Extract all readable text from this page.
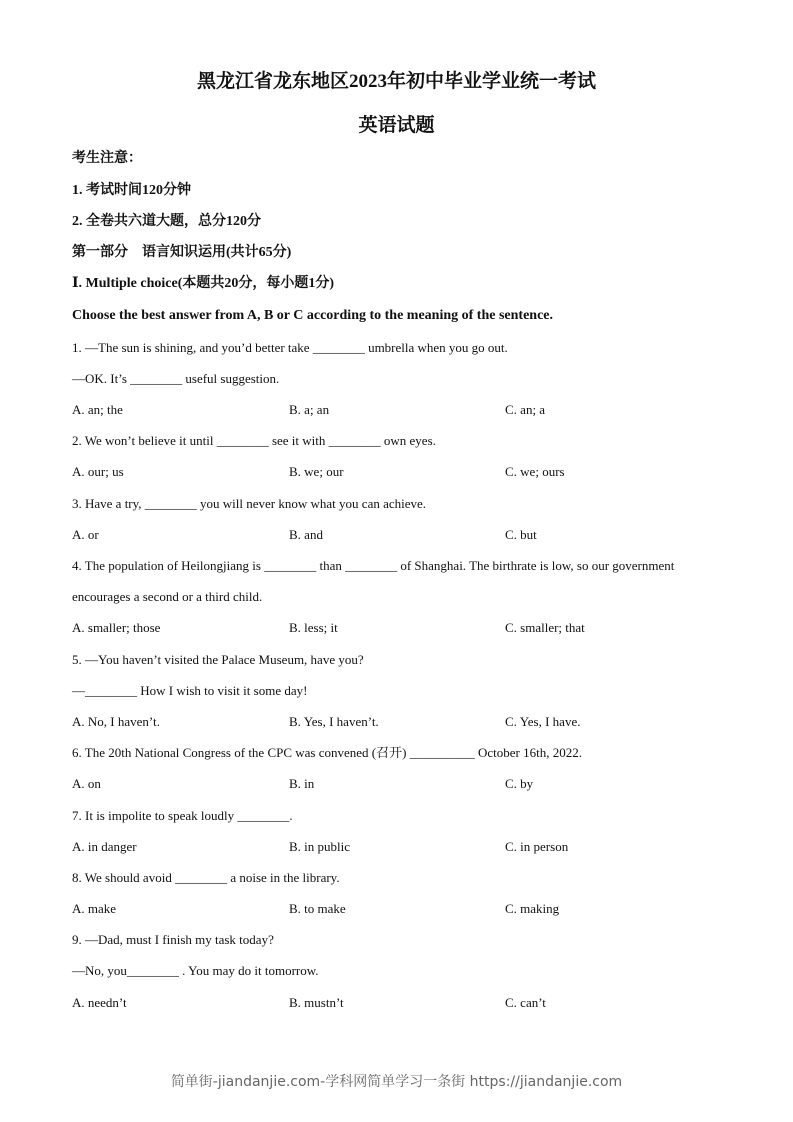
黑龙江省龙东地区2023年初中毕业学业统一考试
英语试题
考生注意：
1. 考试时间120分钟
2. 全卷共六道大题，总分120分
第一部分    语言知识运用(共计65分)
Ⅰ. Multiple choice(本题共20分，每小题1分)
Choose the best answer from A, B or C according to the meaning of the sentence.
1. —The sun is shining, and you’d better take ________ umbrella when you go out.
—OK. It’s ________ useful suggestion.
A. an; the	B. a; an	C. an; a
2. We won’t believe it until ________ see it with ________ own eyes.
A. our; us	B. we; our	C. we; ours
3. Have a try, ________ you will never know what you can achieve.
A. or	B. and	C. but
4. The population of Heilongjiang is ________ than ________ of Shanghai. The birthrate is low, so our government
encourages a second or a third child.
A. smaller; those	B. less; it	C. smaller; that
5. —You haven’t visited the Palace Museum, have you?
—________ How I wish to visit it some day!
A. No, I haven’t.	B. Yes, I haven’t.	C. Yes, I have.
6. The 20th National Congress of the CPC was convened (召开) __________ October 16th, 2022.
A. on	B. in	C. by
7. It is impolite to speak loudly ________.
A. in danger	B. in public	C. in person
8. We should avoid ________ a noise in the library.
A. make	B. to make	C. making
9. —Dad, must I finish my task today?
—No, you________ . You may do it tomorrow.
A. needn’t	B. mustn’t	C. can’t
简单街-jiandanjie.com-学科网简单学习一条街 https://jiandanjie.com
